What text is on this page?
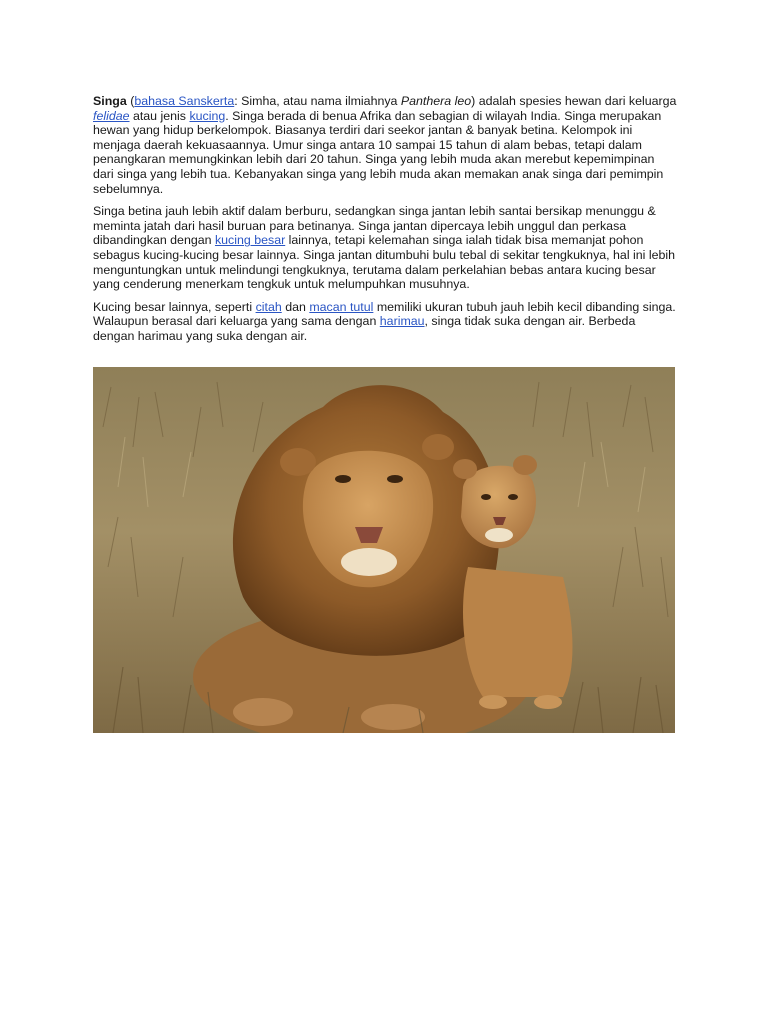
Singa (bahasa Sanskerta: Simha, atau nama ilmiahnya Panthera leo) adalah spesies hewan dari keluarga felidae atau jenis kucing. Singa berada di benua Afrika dan sebagian di wilayah India. Singa merupakan hewan yang hidup berkelompok. Biasanya terdiri dari seekor jantan & banyak betina. Kelompok ini menjaga daerah kekuasaannya. Umur singa antara 10 sampai 15 tahun di alam bebas, tetapi dalam penangkaran memungkinkan lebih dari 20 tahun. Singa yang lebih muda akan merebut kepemimpinan dari singa yang lebih tua. Kebanyakan singa yang lebih muda akan memakan anak singa dari pemimpin sebelumnya.

Singa betina jauh lebih aktif dalam berburu, sedangkan singa jantan lebih santai bersikap menunggu & meminta jatah dari hasil buruan para betinanya. Singa jantan dipercaya lebih unggul dan perkasa dibandingkan dengan kucing besar lainnya, tetapi kelemahan singa ialah tidak bisa memanjat pohon sebagus kucing-kucing besar lainnya. Singa jantan ditumbuhi bulu tebal di sekitar tengkuknya, hal ini lebih menguntungkan untuk melindungi tengkuknya, terutama dalam perkelahian bebas antara kucing besar yang cenderung menerkam tengkuk untuk melumpuhkan musuhnya.

Kucing besar lainnya, seperti citah dan macan tutul memiliki ukuran tubuh jauh lebih kecil dibanding singa. Walaupun berasal dari keluarga yang sama dengan harimau, singa tidak suka dengan air. Berbeda dengan harimau yang suka dengan air.
